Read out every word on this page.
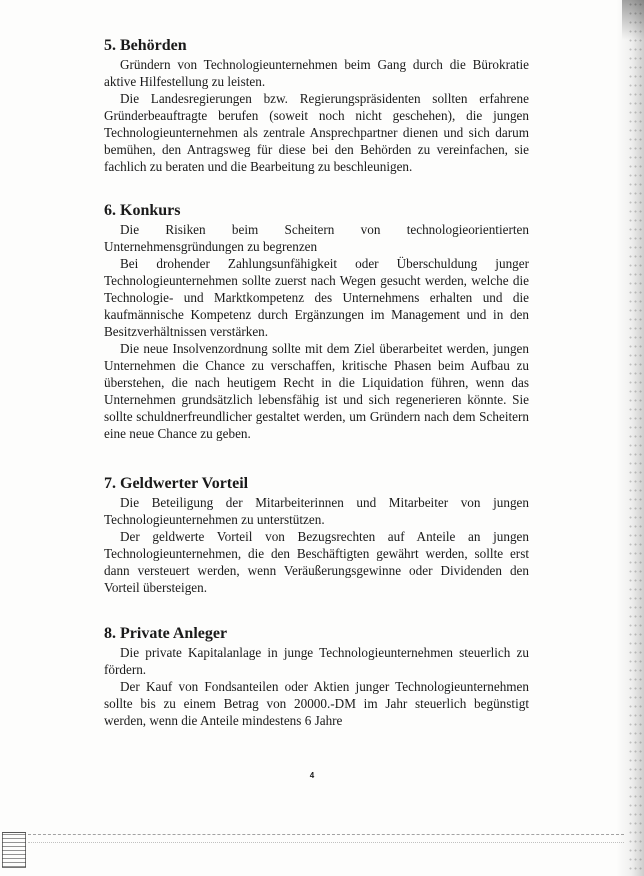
5. Behörden

Gründern von Technologieunternehmen beim Gang durch die Bürokratie aktive Hilfestellung zu leisten.

Die Landesregierungen bzw. Regierungspräsidenten sollten erfahrene Gründerbeauftragte berufen (soweit noch nicht geschehen), die jungen Technologieunternehmen als zentrale Ansprechpartner dienen und sich darum bemühen, den Antragsweg für diese bei den Behörden zu vereinfachen, sie fachlich zu beraten und die Bearbeitung zu beschleunigen.

6. Konkurs

Die Risiken beim Scheitern von technologieorientierten Unternehmensgründungen zu begrenzen

Bei drohender Zahlungsunfähigkeit oder Überschuldung junger Technologieunternehmen sollte zuerst nach Wegen gesucht werden, welche die Technologie- und Marktkompetenz des Unternehmens erhalten und die kaufmännische Kompetenz durch Ergänzungen im Management und in den Besitzverhältnissen verstärken.

Die neue Insolvenzordnung sollte mit dem Ziel überarbeitet werden, jungen Unternehmen die Chance zu verschaffen, kritische Phasen beim Aufbau zu überstehen, die nach heutigem Recht in die Liquidation führen, wenn das Unternehmen grundsätzlich lebensfähig ist und sich regenerieren könnte. Sie sollte schuldnerfreundlicher gestaltet werden, um Gründern nach dem Scheitern eine neue Chance zu geben.

7. Geldwerter Vorteil

Die Beteiligung der Mitarbeiterinnen und Mitarbeiter von jungen Technologieunternehmen zu unterstützen.

Der geldwerte Vorteil von Bezugsrechten auf Anteile an jungen Technologieunternehmen, die den Beschäftigten gewährt werden, sollte erst dann versteuert werden, wenn Veräußerungsgewinne oder Dividenden den Vorteil übersteigen.

8. Private Anleger

Die private Kapitalanlage in junge Technologieunternehmen steuerlich zu fördern.

Der Kauf von Fondsanteilen oder Aktien junger Technologieunternehmen sollte bis zu einem Betrag von 20000.-DM im Jahr steuerlich begünstigt werden, wenn die Anteile mindestens 6 Jahre

4
